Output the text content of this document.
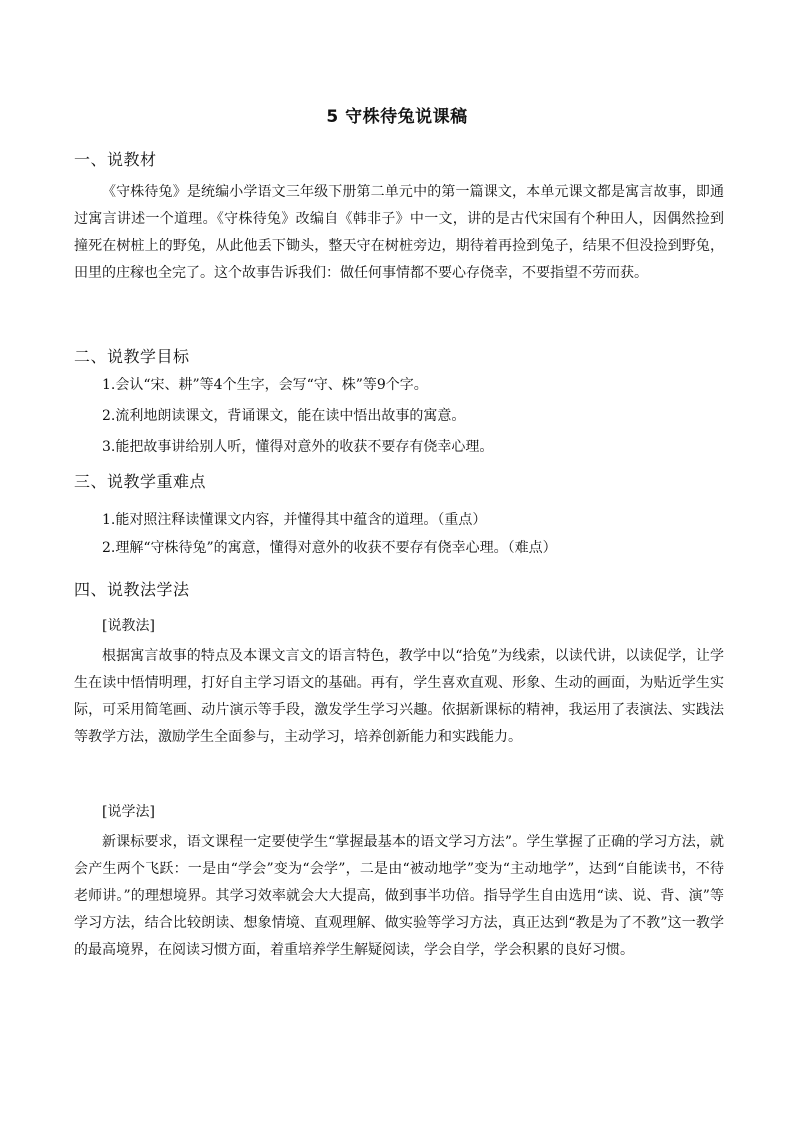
5 守株待兔说课稿
一、说教材
《守株待兔》是统编小学语文三年级下册第二单元中的第一篇课文，本单元课文都是寓言故事，即通过寓言讲述一个道理。《守株待兔》改编自《韩非子》中一文，讲的是古代宋国有个种田人，因偶然捡到撞死在树桩上的野兔，从此他丢下锄头，整天守在树桩旁边，期待着再捡到兔子，结果不但没捡到野兔，田里的庄稼也全完了。这个故事告诉我们：做任何事情都不要心存侥幸，不要指望不劳而获。
二、说教学目标
1.会认“宋、耕”等4个生字，会写“守、株”等9个字。
2.流利地朗读课文，背诵课文，能在读中悟出故事的寓意。
3.能把故事讲给别人听，懂得对意外的收获不要存有侥幸心理。
三、说教学重难点
1.能对照注释读懂课文内容，并懂得其中蕴含的道理。（重点）
2.理解“守株待兔”的寓意，懂得对意外的收获不要存有侥幸心理。（难点）
四、说教法学法
[说教法]
根据寓言故事的特点及本课文言文的语言特色，教学中以“拾兔”为线索，以读代讲，以读促学，让学生在读中悟情明理，打好自主学习语文的基础。再有，学生喜欢直观、形象、生动的画面，为贴近学生实际，可采用简笔画、动片演示等手段，激发学生学习兴趣。依据新课标的精神，我运用了表演法、实践法等教学方法，激励学生全面参与，主动学习，培养创新能力和实践能力。
[说学法]
新课标要求，语文课程一定要使学生“掌握最基本的语文学习方法”。学生掌握了正确的学习方法，就会产生两个飞跃：一是由“学会”变为“会学”，二是由“被动地学”变为“主动地学”，达到“自能读书，不待老师讲。”的理想境界。其学习效率就会大大提高，做到事半功倍。指导学生自由选用“读、说、背、演”等学习方法，结合比较朗读、想象情境、直观理解、做实验等学习方法，真正达到“教是为了不教”这一教学的最高境界，在阅读习惯方面，着重培养学生解疑阅读，学会自学，学会积累的良好习惯。
